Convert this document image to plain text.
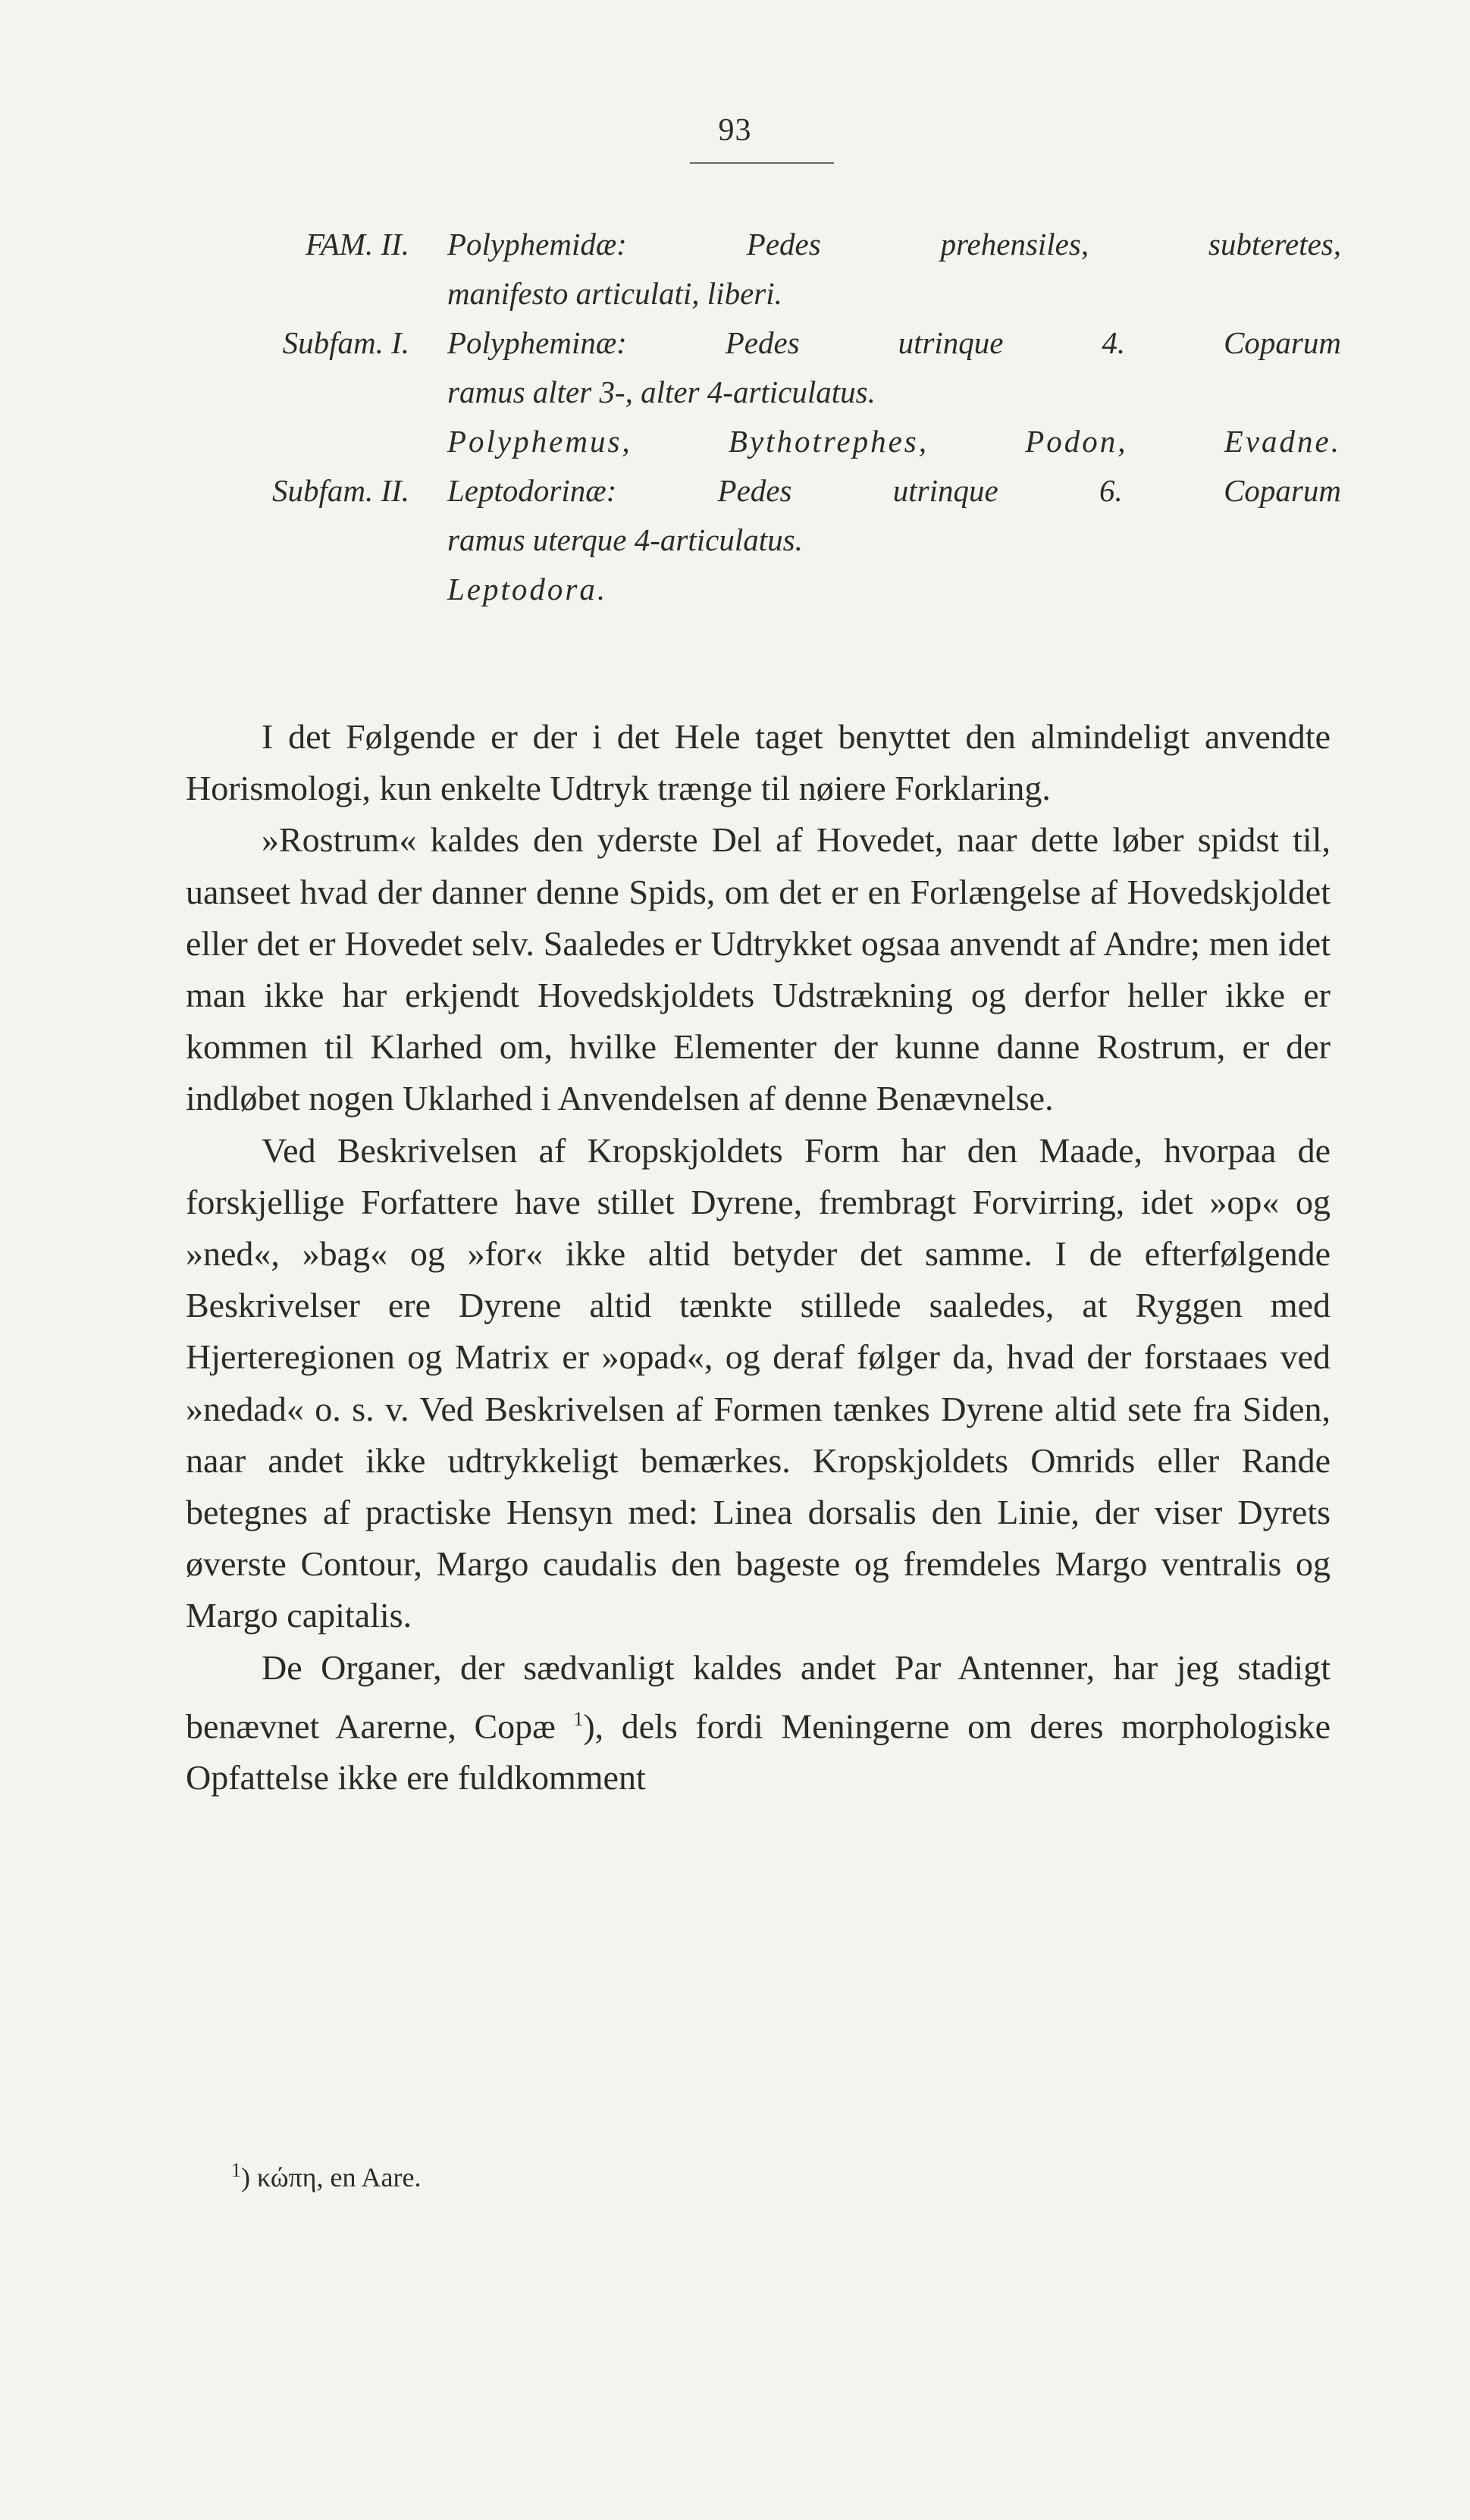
93
FAM. II. Polyphemidæ: Pedes prehensiles, subteretes,
manifesto articulati, liberi.
Subfam. I. Polypheminæ: Pedes utrinque 4. Coparum
ramus alter 3-, alter 4-articulatus.
Polyphemus, Bythotrephes, Podon, Evadne.
Subfam. II. Leptodorinæ: Pedes utrinque 6. Coparum
ramus uterque 4-articulatus.
Leptodora.

I det Følgende er der i det Hele taget benyttet den almindeligt anvendte Horismologi, kun enkelte Udtryk trænge til nøiere Forklaring.

»Rostrum« kaldes den yderste Del af Hovedet, naar dette løber spidst til, uanseet hvad der danner denne Spids, om det er en Forlængelse af Hovedskjoldet eller det er Hovedet selv. Saaledes er Udtrykket ogsaa anvendt af Andre; men idet man ikke har erkjendt Hovedskjoldets Udstrækning og derfor heller ikke er kommen til Klarhed om, hvilke Elementer der kunne danne Rostrum, er der indløbet nogen Uklarhed i Anvendelsen af denne Benævnelse.

Ved Beskrivelsen af Kropskjoldets Form har den Maade, hvorpaa de forskjellige Forfattere have stillet Dyrene, frembragt Forvirring, idet »op« og »ned«, »bag« og »for« ikke altid betyder det samme. I de efterfølgende Beskrivelser ere Dyrene altid tænkte stillede saaledes, at Ryggen med Hjerteregionen og Matrix er »opad«, og deraf følger da, hvad der forstaaes ved »nedad« o. s. v. Ved Beskrivelsen af Formen tænkes Dyrene altid sete fra Siden, naar andet ikke udtrykkeligt bemærkes. Kropskjoldets Omrids eller Rande betegnes af practiske Hensyn med: Linea dorsalis den Linie, der viser Dyrets øverste Contour, Margo caudalis den bageste og fremdeles Margo ventralis og Margo capitalis.

De Organer, der sædvanligt kaldes andet Par Antenner, har jeg stadigt benævnet Aarerne, Copæ $^1$), dels fordi Meningerne om deres morphologiske Opfattelse ikke ere fuldkomment

$^1$) κώπη, en Aare.
